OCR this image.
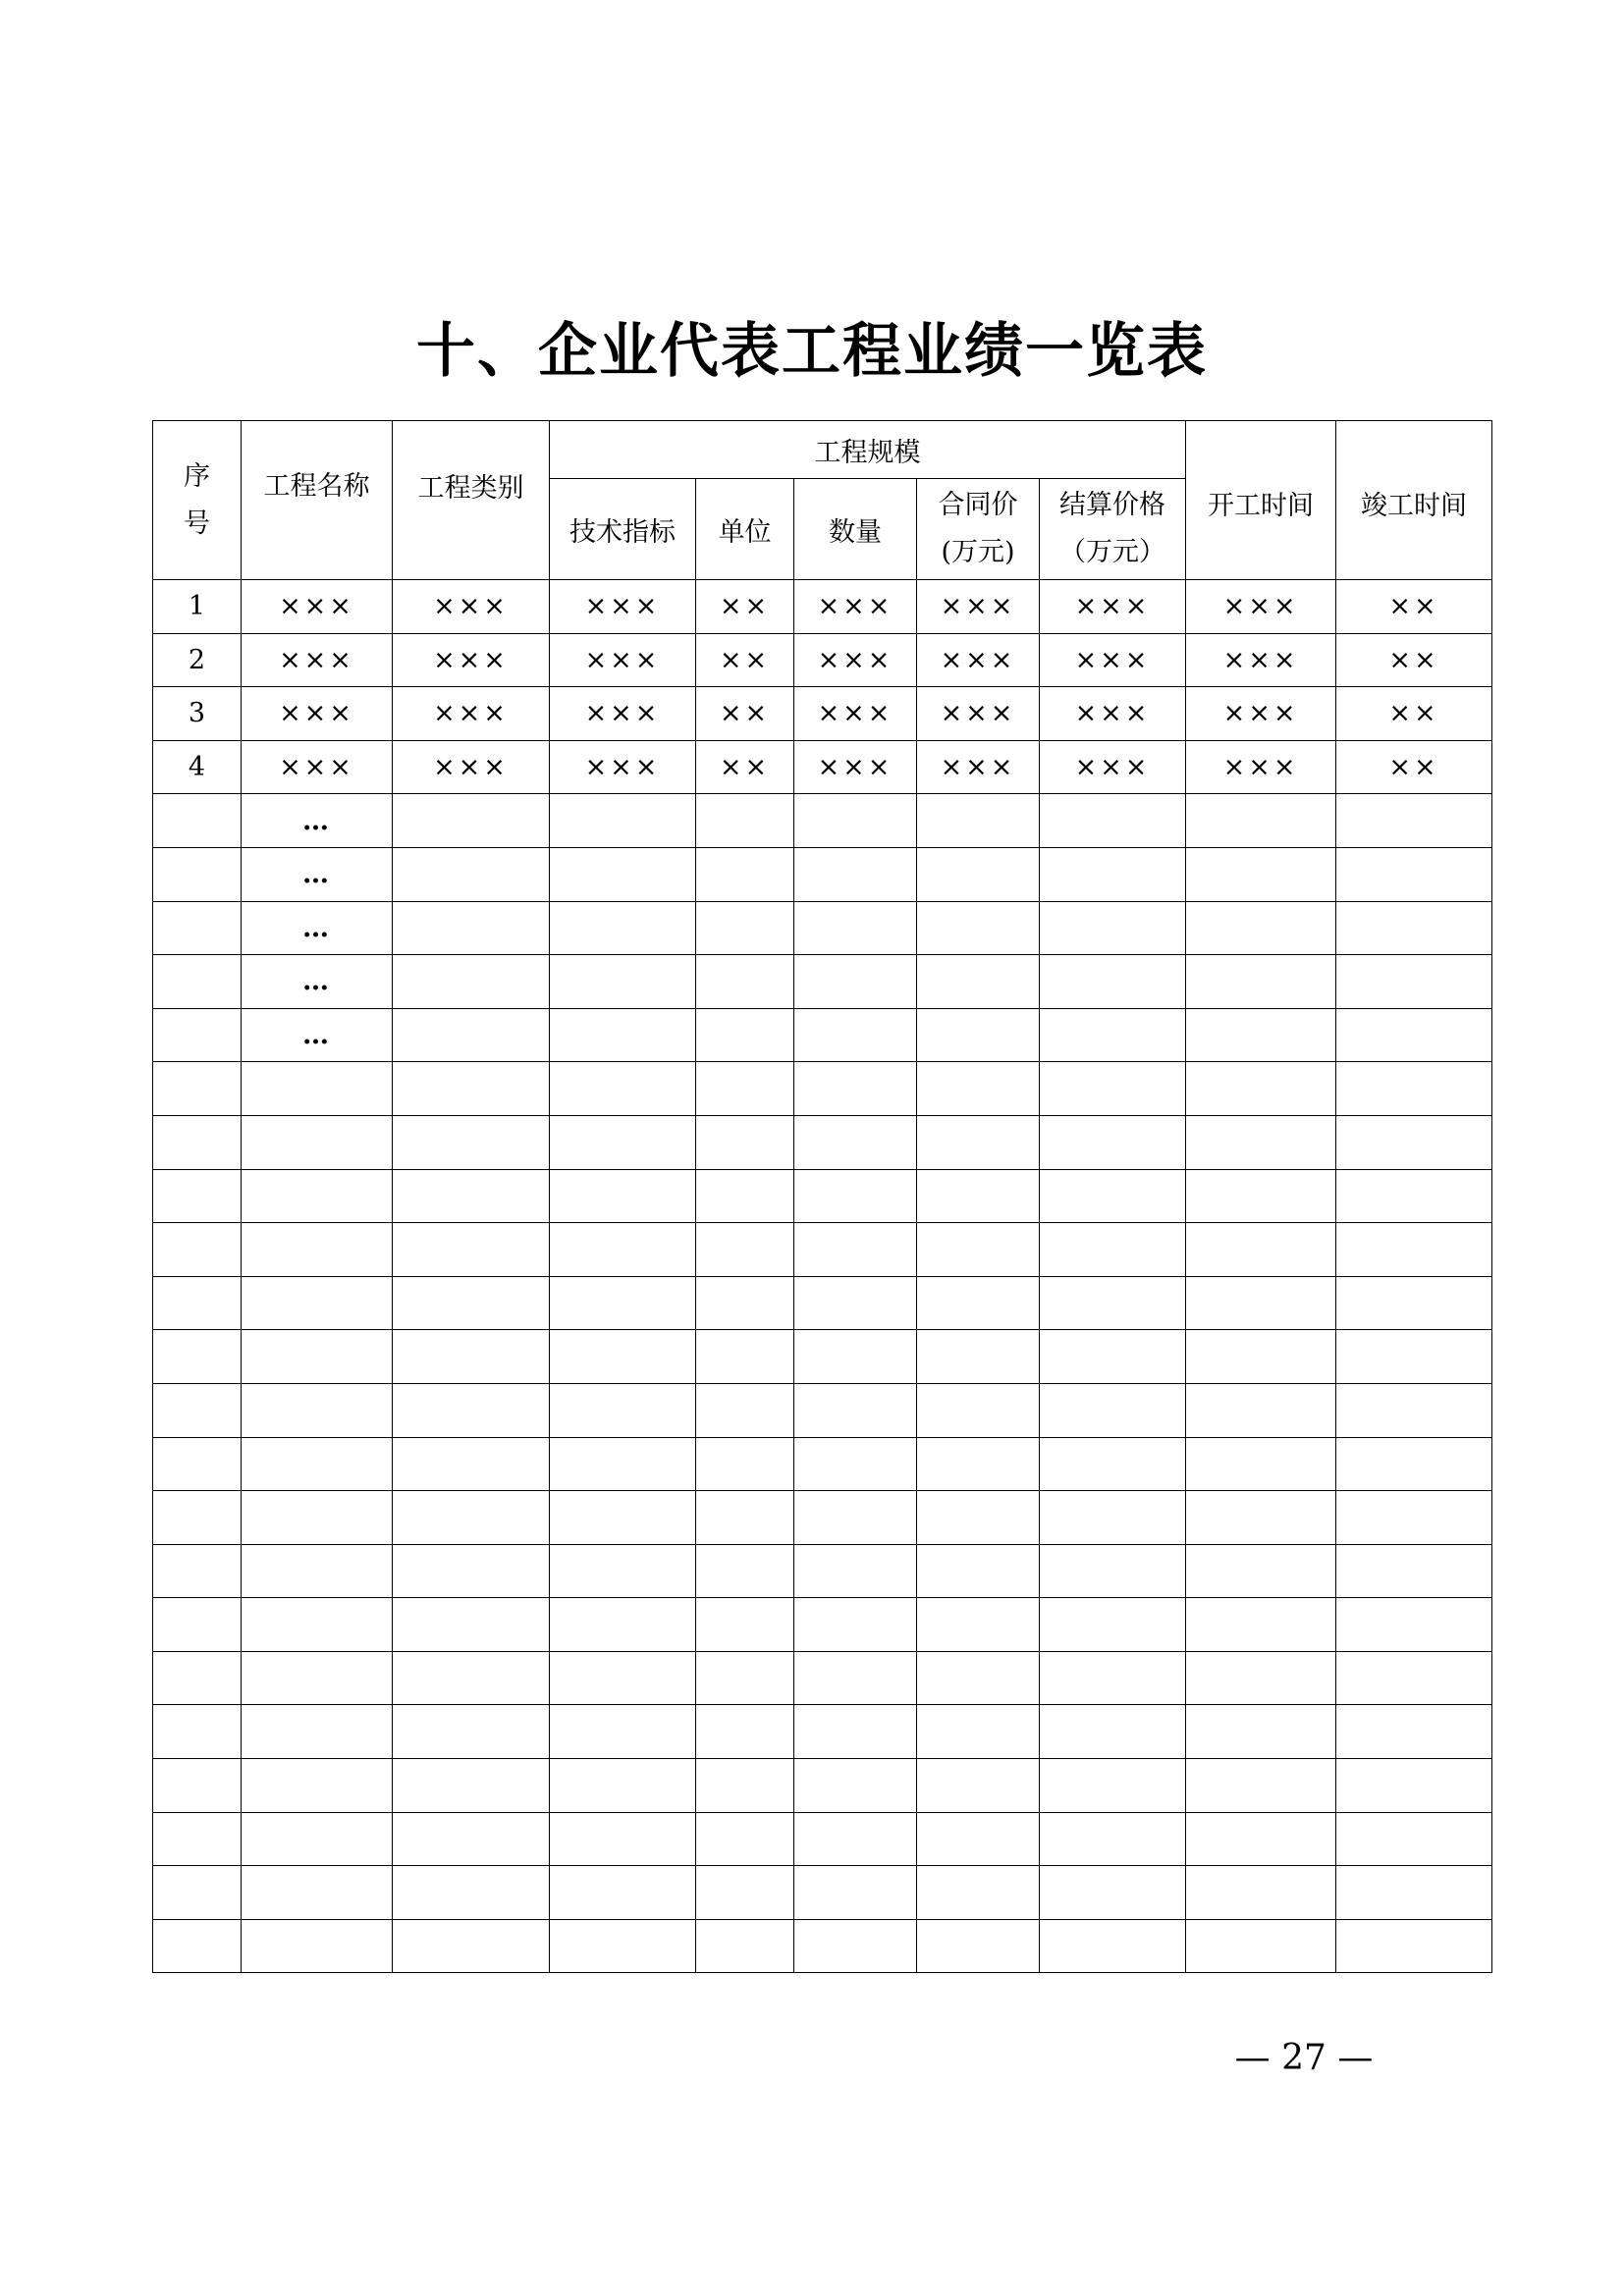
十、企业代表工程业绩一览表
序号	工程名称	工程类别	工程规模					开工时间	竣工时间
			技术指标	单位	数量	合同价(万元)	结算价格（万元）		
1	×××	×××	×××	××	×××	×××	×××	×××	××
2	×××	×××	×××	××	×××	×××	×××	×××	××
3	×××	×××	×××	××	×××	×××	×××	×××	××
4	×××	×××	×××	××	×××	×××	×××	×××	××
	…								
	…								
	…								
	…								
	…								

— 27 —
